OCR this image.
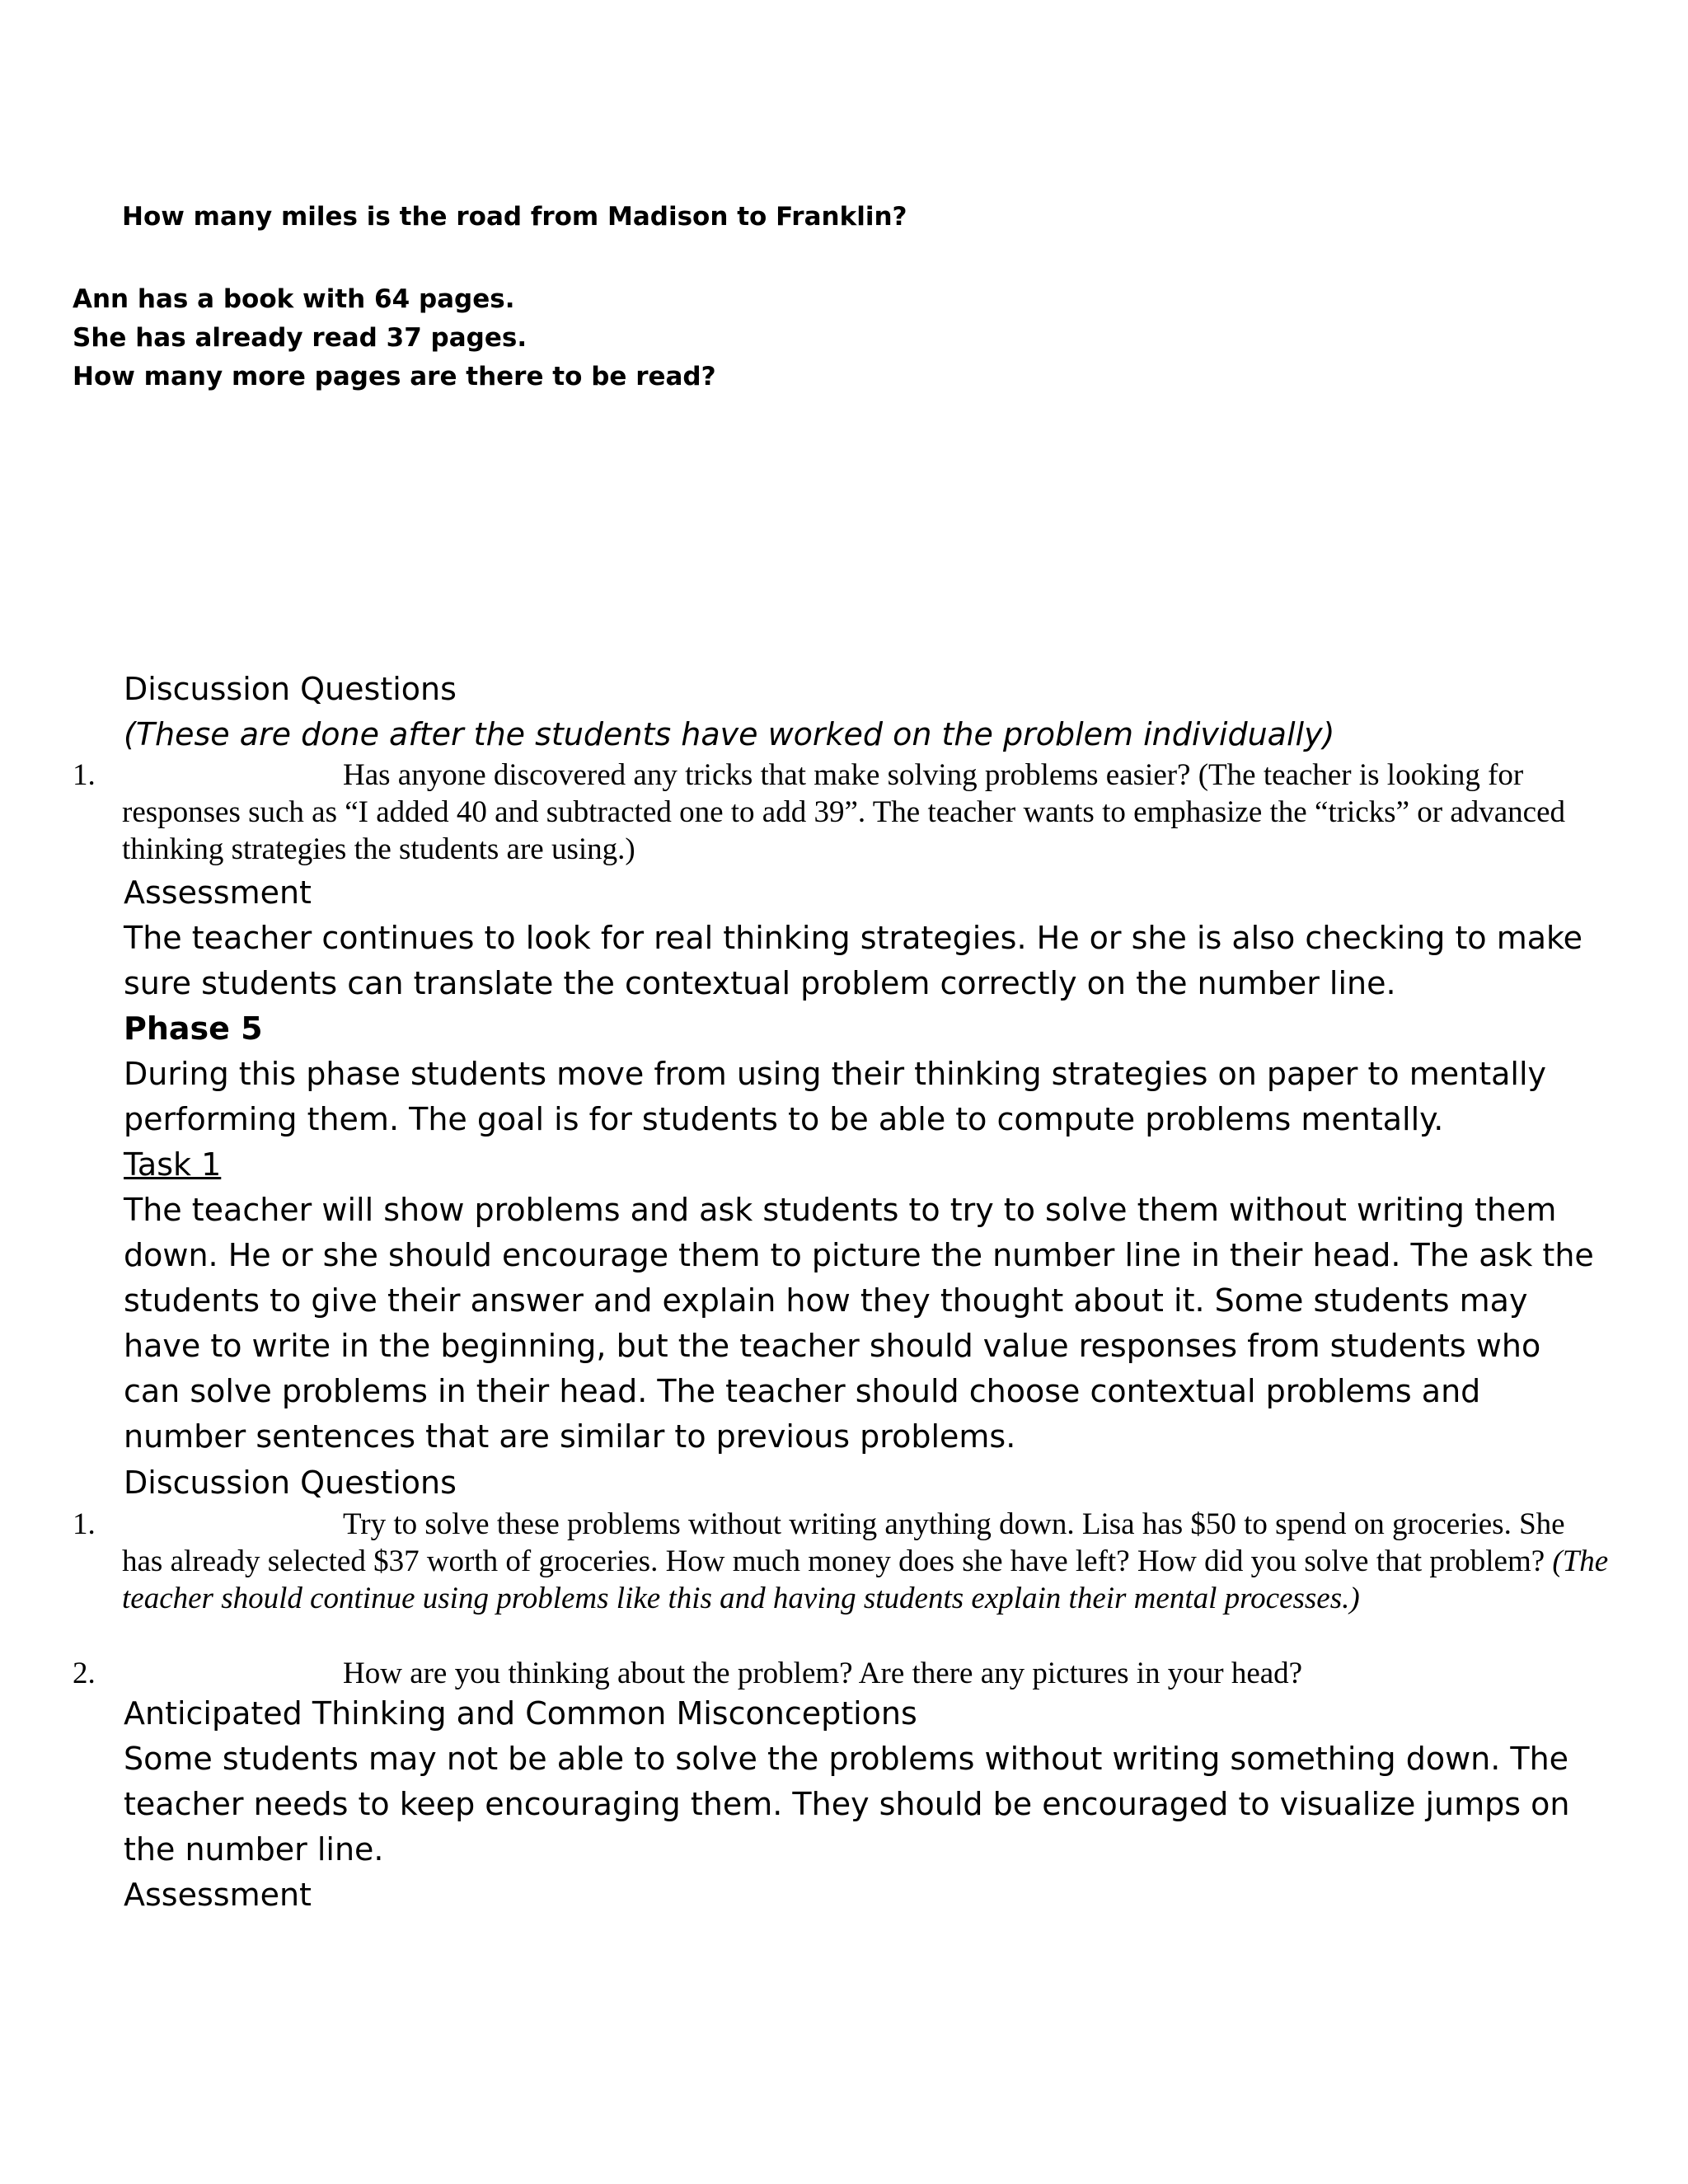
How many miles is the road from Madison to Franklin?
Ann has a book with 64 pages.
She has already read 37 pages.
How many more pages are there to be read?

Discussion Questions

(These are done after the students have worked on the problem individually)

1.	Has anyone discovered any tricks that make solving problems easier? (The teacher is looking for responses such as “I added 40 and subtracted one to add 39”. The teacher wants to emphasize the “tricks” or advanced thinking strategies the students are using.)

Assessment

The teacher continues to look for real thinking strategies. He or she is also checking to make sure students can translate the contextual problem correctly on the number line.

Phase 5

During this phase students move from using their thinking strategies on paper to mentally performing them. The goal is for students to be able to compute problems mentally.

Task 1

The teacher will show problems and ask students to try to solve them without writing them down. He or she should encourage them to picture the number line in their head. The ask the students to give their answer and explain how they thought about it. Some students may have to write in the beginning, but the teacher should value responses from students who can solve problems in their head. The teacher should choose contextual problems and number sentences that are similar to previous problems.

Discussion Questions

1.	Try to solve these problems without writing anything down. Lisa has $50 to spend on groceries. She has already selected $37 worth of groceries. How much money does she have left? How did you solve that problem? (The teacher should continue using problems like this and having students explain their mental processes.)
2.	How are you thinking about the problem? Are there any pictures in your head?

Anticipated Thinking and Common Misconceptions

Some students may not be able to solve the problems without writing something down. The teacher needs to keep encouraging them. They should be encouraged to visualize jumps on the number line.

Assessment
